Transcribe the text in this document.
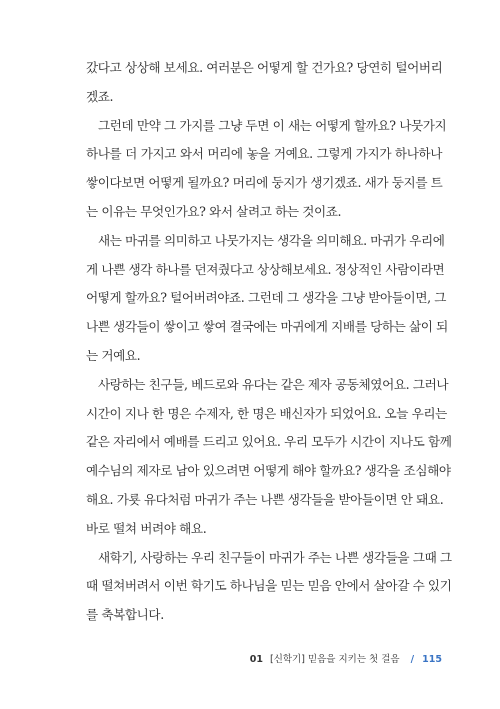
갔다고 상상해 보세요. 여러분은 어떻게 할 건가요? 당연히 털어버리
겠죠.
그런데 만약 그 가지를 그냥 두면 이 새는 어떻게 할까요? 나뭇가지
하나를 더 가지고 와서 머리에 놓을 거예요. 그렇게 가지가 하나하나
쌓이다보면 어떻게 될까요? 머리에 둥지가 생기겠죠. 새가 둥지를 트
는 이유는 무엇인가요? 와서 살려고 하는 것이죠.
새는 마귀를 의미하고 나뭇가지는 생각을 의미해요. 마귀가 우리에
게 나쁜 생각 하나를 던져줬다고 상상해보세요. 정상적인 사람이라면
어떻게 할까요? 털어버려야죠. 그런데 그 생각을 그냥 받아들이면, 그
나쁜 생각들이 쌓이고 쌓여 결국에는 마귀에게 지배를 당하는 삶이 되
는 거예요.
사랑하는 친구들, 베드로와 유다는 같은 제자 공동체였어요. 그러나
시간이 지나 한 명은 수제자, 한 명은 배신자가 되었어요. 오늘 우리는
같은 자리에서 예배를 드리고 있어요. 우리 모두가 시간이 지나도 함께
예수님의 제자로 남아 있으려면 어떻게 해야 할까요? 생각을 조심해야
해요. 가룟 유다처럼 마귀가 주는 나쁜 생각들을 받아들이면 안 돼요.
바로 떨쳐 버려야 해요.
새학기, 사랑하는 우리 친구들이 마귀가 주는 나쁜 생각들을 그때 그
때 떨쳐버려서 이번 학기도 하나님을 믿는 믿음 안에서 살아갈 수 있기
를 축복합니다.
01 [신학기] 믿음을 지키는 첫 걸음 / 115
